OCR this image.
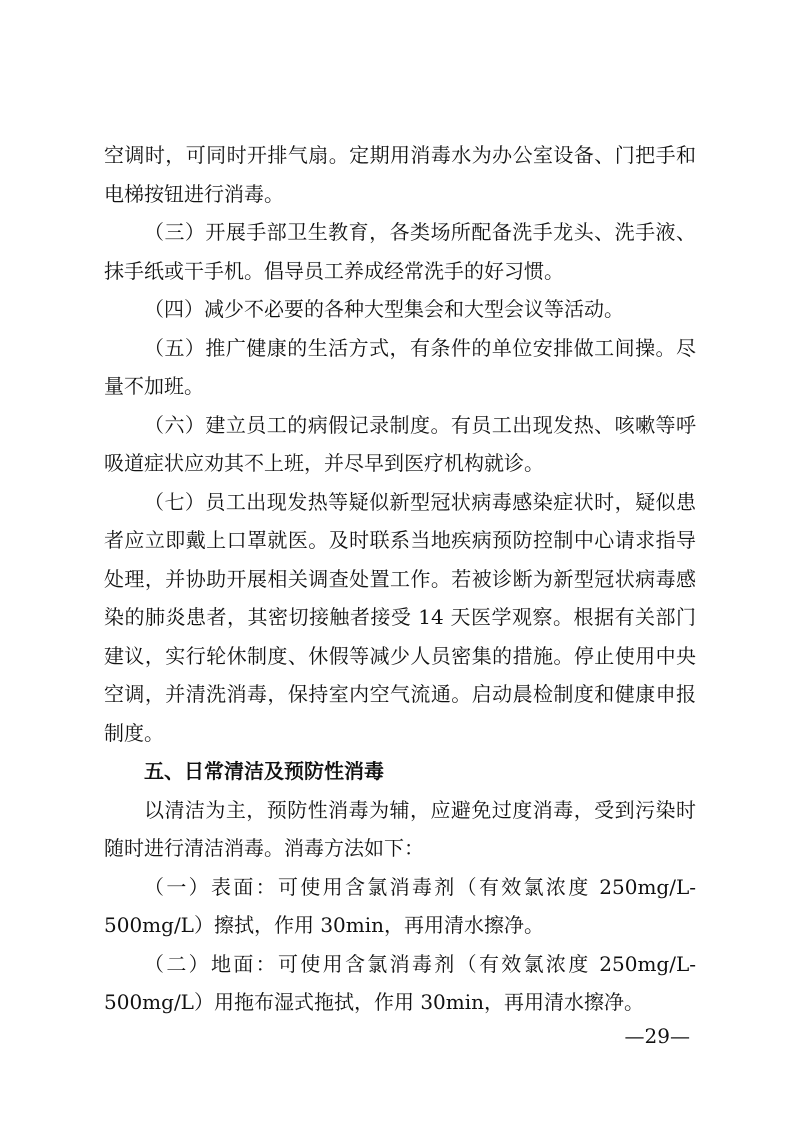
空调时，可同时开排气扇。定期用消毒水为办公室设备、门把手和电梯按钮进行消毒。

（三）开展手部卫生教育，各类场所配备洗手龙头、洗手液、抹手纸或干手机。倡导员工养成经常洗手的好习惯。

（四）减少不必要的各种大型集会和大型会议等活动。

（五）推广健康的生活方式，有条件的单位安排做工间操。尽量不加班。

（六）建立员工的病假记录制度。有员工出现发热、咳嗽等呼吸道症状应劝其不上班，并尽早到医疗机构就诊。

（七）员工出现发热等疑似新型冠状病毒感染症状时，疑似患者应立即戴上口罩就医。及时联系当地疾病预防控制中心请求指导处理，并协助开展相关调查处置工作。若被诊断为新型冠状病毒感染的肺炎患者，其密切接触者接受 14 天医学观察。根据有关部门建议，实行轮休制度、休假等减少人员密集的措施。停止使用中央空调，并清洗消毒，保持室内空气流通。启动晨检制度和健康申报制度。

五、日常清洁及预防性消毒

以清洁为主，预防性消毒为辅，应避免过度消毒，受到污染时随时进行清洁消毒。消毒方法如下：

（一）表面：可使用含氯消毒剂（有效氯浓度 250mg/L-500mg/L）擦拭，作用 30min，再用清水擦净。

（二）地面：可使用含氯消毒剂（有效氯浓度 250mg/L-500mg/L）用拖布湿式拖拭，作用 30min，再用清水擦净。

—29—
